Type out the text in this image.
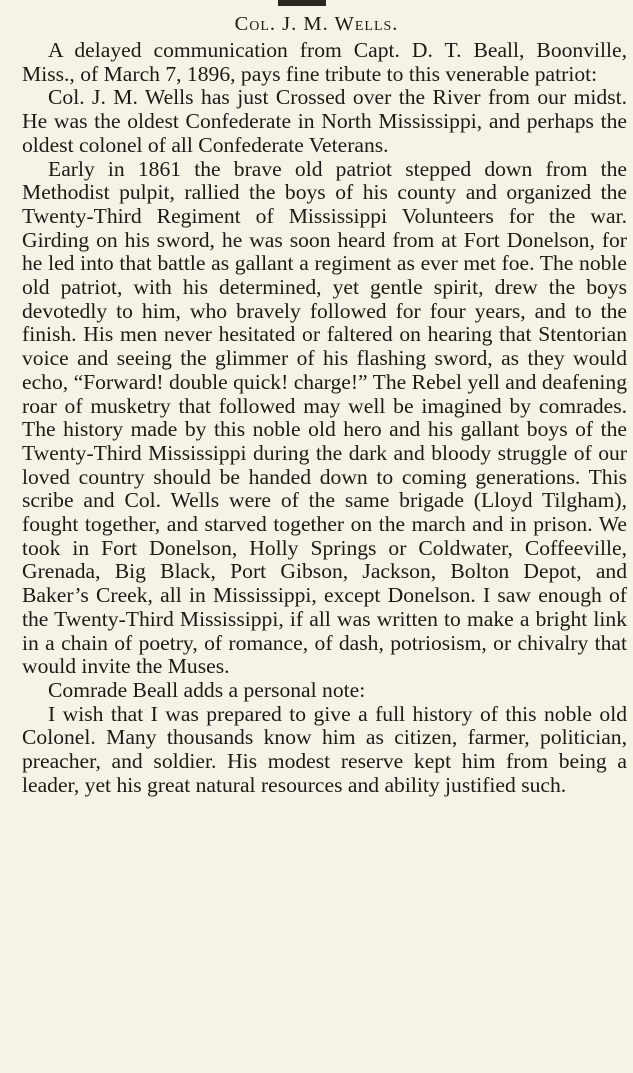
Col. J. M. Wells.

A delayed communication from Capt. D. T. Beall, Boonville, Miss., of March 7, 1896, pays fine tribute to this venerable patriot:

Col. J. M. Wells has just Crossed over the River from our midst. He was the oldest Confederate in North Mississippi, and perhaps the oldest colonel of all Confederate Veterans.

Early in 1861 the brave old patriot stepped down from the Methodist pulpit, rallied the boys of his county and organized the Twenty-Third Regiment of Mississippi Volunteers for the war. Girding on his sword, he was soon heard from at Fort Donelson, for he led into that battle as gallant a regiment as ever met foe. The noble old patriot, with his determined, yet gentle spirit, drew the boys devotedly to him, who bravely followed for four years, and to the finish. His men never hesitated or faltered on hearing that Stentorian voice and seeing the glimmer of his flashing sword, as they would echo, “Forward! double quick! charge!” The Rebel yell and deafening roar of musketry that followed may well be imagined by comrades. The history made by this noble old hero and his gallant boys of the Twenty-Third Mississippi during the dark and bloody struggle of our loved country should be handed down to coming generations. This scribe and Col. Wells were of the same brigade (Lloyd Tilgham), fought together, and starved together on the march and in prison. We took in Fort Donelson, Holly Springs or Coldwater, Coffeeville, Grenada, Big Black, Port Gibson, Jackson, Bolton Depot, and Baker’s Creek, all in Mississippi, except Donelson. I saw enough of the Twenty-Third Mississippi, if all was written to make a bright link in a chain of poetry, of romance, of dash, potriosism, or chivalry that would invite the Muses.

Comrade Beall adds a personal note:

I wish that I was prepared to give a full history of this noble old Colonel. Many thousands know him as citizen, farmer, politician, preacher, and soldier. His modest reserve kept him from being a leader, yet his great natural resources and ability justified such.
